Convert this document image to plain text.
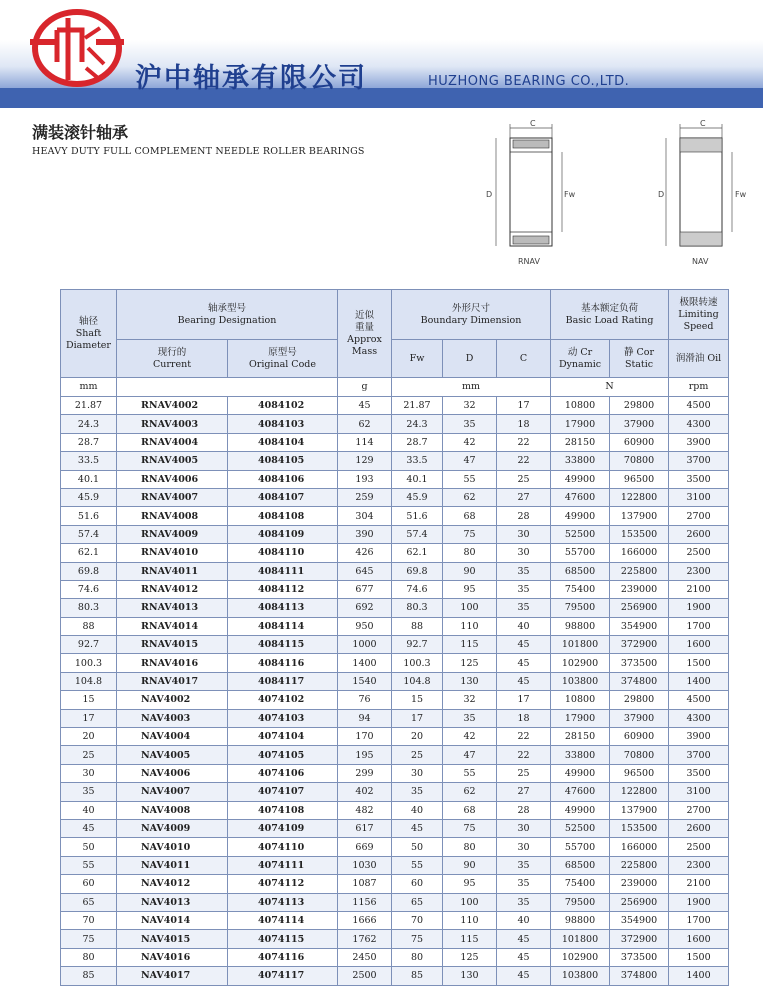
沪中轴承有限公司	HUZHONG BEARING CO.,LTD.
满装滚针轴承
HEAVY DUTY FULL COMPLEMENT NEEDLE ROLLER BEARINGS
C
D	Fw
RNAV
C
D	Fw
NAV
轴径
Shaft
Diameter	轴承型号
Bearing Designation		近似
重量
Approx
Mass	外形尺寸
Boundary Dimension			基本额定负荷
Basic Load Rating		极限转速
Limiting
Speed
	现行的
Current	原型号
Original Code		Fw	D	C	动 Cr
Dynamic	静 Cor
Static	润滑油 Oil
mm			g	mm			N		rpm
21.87	RNAV4002	4084102	45	21.87	32	17	10800	29800	4500
24.3	RNAV4003	4084103	62	24.3	35	18	17900	37900	4300
28.7	RNAV4004	4084104	114	28.7	42	22	28150	60900	3900
33.5	RNAV4005	4084105	129	33.5	47	22	33800	70800	3700
40.1	RNAV4006	4084106	193	40.1	55	25	49900	96500	3500
45.9	RNAV4007	4084107	259	45.9	62	27	47600	122800	3100
51.6	RNAV4008	4084108	304	51.6	68	28	49900	137900	2700
57.4	RNAV4009	4084109	390	57.4	75	30	52500	153500	2600
62.1	RNAV4010	4084110	426	62.1	80	30	55700	166000	2500
69.8	RNAV4011	4084111	645	69.8	90	35	68500	225800	2300
74.6	RNAV4012	4084112	677	74.6	95	35	75400	239000	2100
80.3	RNAV4013	4084113	692	80.3	100	35	79500	256900	1900
88	RNAV4014	4084114	950	88	110	40	98800	354900	1700
92.7	RNAV4015	4084115	1000	92.7	115	45	101800	372900	1600
100.3	RNAV4016	4084116	1400	100.3	125	45	102900	373500	1500
104.8	RNAV4017	4084117	1540	104.8	130	45	103800	374800	1400
15	NAV4002	4074102	76	15	32	17	10800	29800	4500
17	NAV4003	4074103	94	17	35	18	17900	37900	4300
20	NAV4004	4074104	170	20	42	22	28150	60900	3900
25	NAV4005	4074105	195	25	47	22	33800	70800	3700
30	NAV4006	4074106	299	30	55	25	49900	96500	3500
35	NAV4007	4074107	402	35	62	27	47600	122800	3100
40	NAV4008	4074108	482	40	68	28	49900	137900	2700
45	NAV4009	4074109	617	45	75	30	52500	153500	2600
50	NAV4010	4074110	669	50	80	30	55700	166000	2500
55	NAV4011	4074111	1030	55	90	35	68500	225800	2300
60	NAV4012	4074112	1087	60	95	35	75400	239000	2100
65	NAV4013	4074113	1156	65	100	35	79500	256900	1900
70	NAV4014	4074114	1666	70	110	40	98800	354900	1700
75	NAV4015	4074115	1762	75	115	45	101800	372900	1600
80	NAV4016	4074116	2450	80	125	45	102900	373500	1500
85	NAV4017	4074117	2500	85	130	45	103800	374800	1400
